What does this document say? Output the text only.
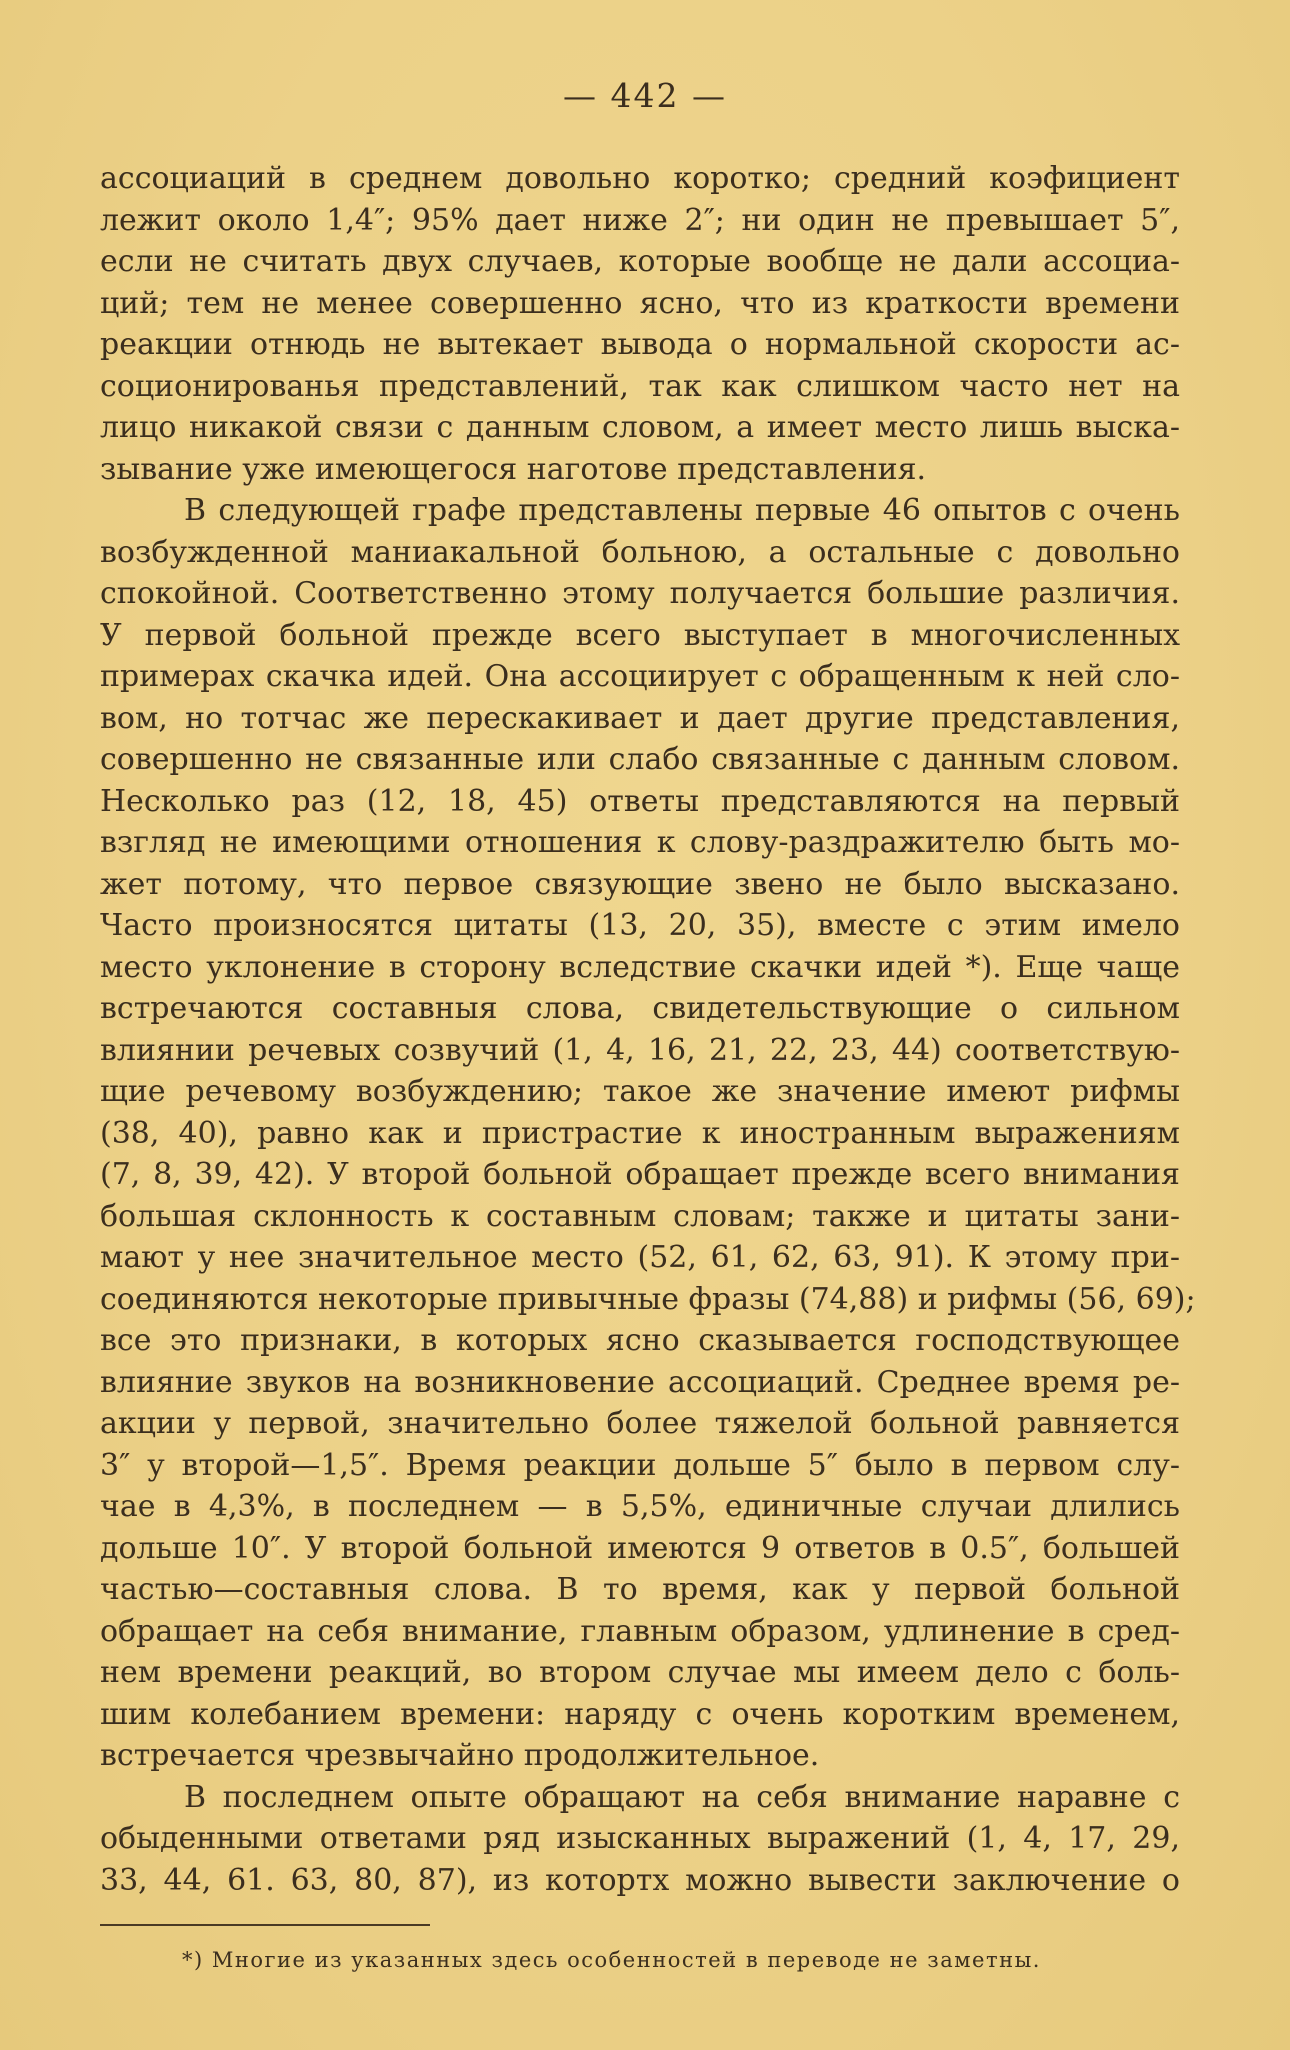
— 442 —
ассоциаций в среднем довольно коротко; средний коэфициент
лежит около 1,4″; 95% дает ниже 2″; ни один не превышает 5″,
если не считать двух случаев, которые вообще не дали ассоциа-
ций; тем не менее совершенно ясно, что из краткости времени
реакции отнюдь не вытекает вывода о нормальной скорости ас-
соционированья представлений, так как слишком часто нет на
лицо никакой связи с данным словом, а имеет место лишь выска-
зывание уже имеющегося наготове представления.
В следующей графе представлены первые 46 опытов с очень
возбужденной маниакальной больною, а остальные с довольно
спокойной. Соответственно этому получается большие различия.
У первой больной прежде всего выступает в многочисленных
примерах скачка идей. Она ассоциирует с обращенным к ней сло-
вом, но тотчас же перескакивает и дает другие представления,
совершенно не связанные или слабо связанные с данным словом.
Несколько раз (12, 18, 45) ответы представляются на первый
взгляд не имеющими отношения к слову-раздражителю быть мо-
жет потому, что первое связующие звено не было высказано.
Часто произносятся цитаты (13, 20, 35), вместе с этим имело
место уклонение в сторону вследствие скачки идей *). Еще чаще
встречаются составныя слова, свидетельствующие о сильном
влиянии речевых созвучий (1, 4, 16, 21, 22, 23, 44) соответствую-
щие речевому возбуждению; такое же значение имеют рифмы
(38, 40), равно как и пристрастие к иностранным выражениям
(7, 8, 39, 42). У второй больной обращает прежде всего внимания
большая склонность к составным словам; также и цитаты зани-
мают у нее значительное место (52, 61, 62, 63, 91). К этому при-
соединяются некоторые привычные фразы (74,88) и рифмы (56, 69);
все это признаки, в которых ясно сказывается господствующее
влияние звуков на возникновение ассоциаций. Среднее время ре-
акции у первой, значительно более тяжелой больной равняется
3″ у второй—1,5″. Время реакции дольше 5″ было в первом слу-
чае в 4,3%, в последнем — в 5,5%, единичные случаи длились
дольше 10″. У второй больной имеются 9 ответов в 0.5″, большей
частью—составныя слова. В то время, как у первой больной
обращает на себя внимание, главным образом, удлинение в сред-
нем времени реакций, во втором случае мы имеем дело с боль-
шим колебанием времени: наряду с очень коротким временем,
встречается чрезвычайно продолжительное.
В последнем опыте обращают на себя внимание наравне с
обыденными ответами ряд изысканных выражений (1, 4, 17, 29,
33, 44, 61. 63, 80, 87), из котортх можно вывести заключение о
*) Многие из указанных здесь особенностей в переводе не заметны.
